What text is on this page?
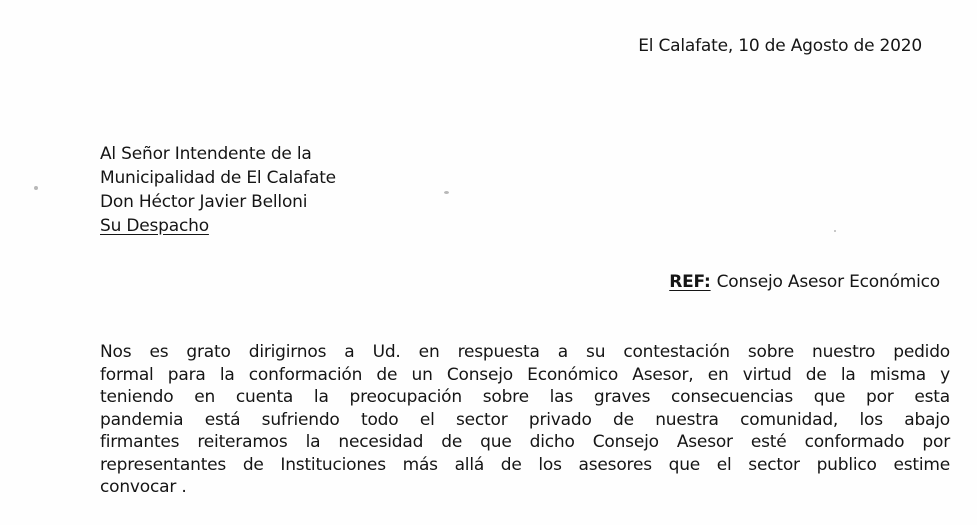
El Calafate, 10 de Agosto de 2020
Al Señor Intendente de la
Municipalidad de El Calafate
Don Héctor Javier Belloni
Su Despacho
REF: Consejo Asesor Económico
Nos es grato dirigirnos a Ud. en respuesta a su contestación sobre nuestro pedido
formal para la conformación de un Consejo Económico Asesor, en virtud de la misma y
teniendo en cuenta la preocupación sobre las graves consecuencias que por esta
pandemia está sufriendo todo el sector privado de nuestra comunidad, los abajo
firmantes reiteramos la necesidad de que dicho Consejo Asesor esté conformado por
representantes de Instituciones más allá de los asesores que el sector publico estime
convocar .
